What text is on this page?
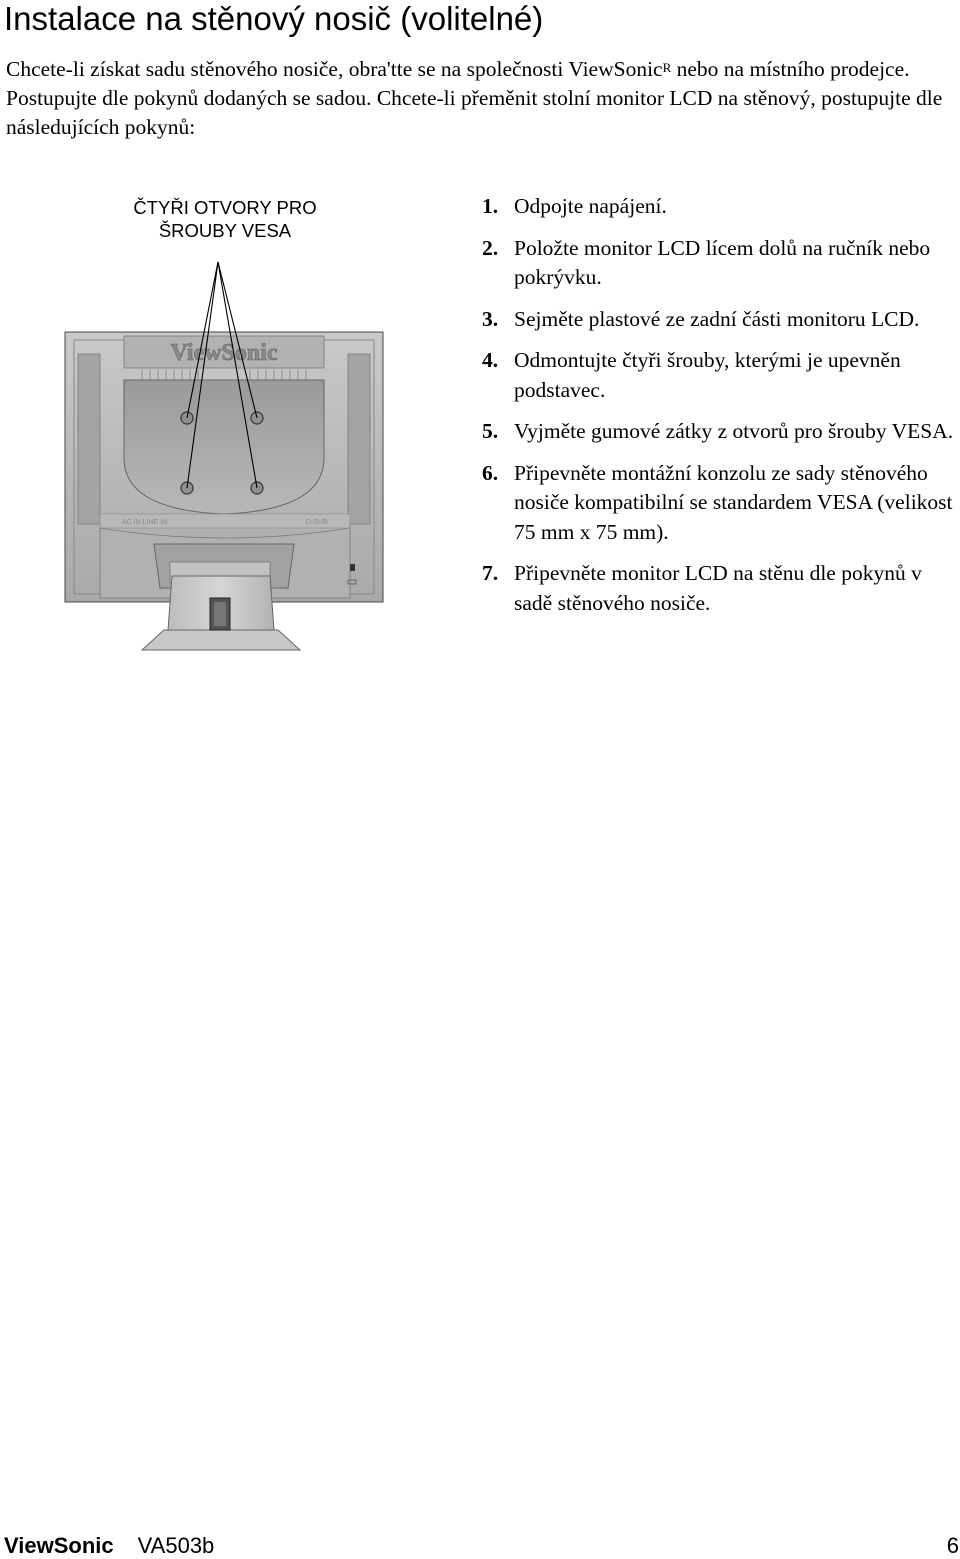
Instalace na stěnový nosič (volitelné)

Chcete-li získat sadu stěnového nosiče, obra'tte se na společnosti ViewSonic$^R$ nebo na místního prodejce. Postupujte dle pokynů dodaných se sadou. Chcete-li přeměnit stolní monitor LCD na stěnový, postupujte dle následujících pokynů:

ČTYŘI OTVORY PRO
ŠROUBY VESA
ViewSonic
AC IN LINE IN	D-SUB
1. Odpojte napájení.
2. Položte monitor LCD lícem dolů na ručník nebo pokrývku.
3. Sejměte plastové ze zadní části monitoru LCD.
4. Odmontujte čtyři šrouby, kterými je upevněn podstavec.
5. Vyjměte gumové zátky z otvorů pro šrouby VESA.
6. Připevněte montážní konzolu ze sady stěnového nosiče kompatibilní se standardem VESA (velikost 75 mm x 75 mm).
7. Připevněte monitor LCD na stěnu dle pokynů v sadě stěnového nosiče.
ViewSonic VA503b	6
